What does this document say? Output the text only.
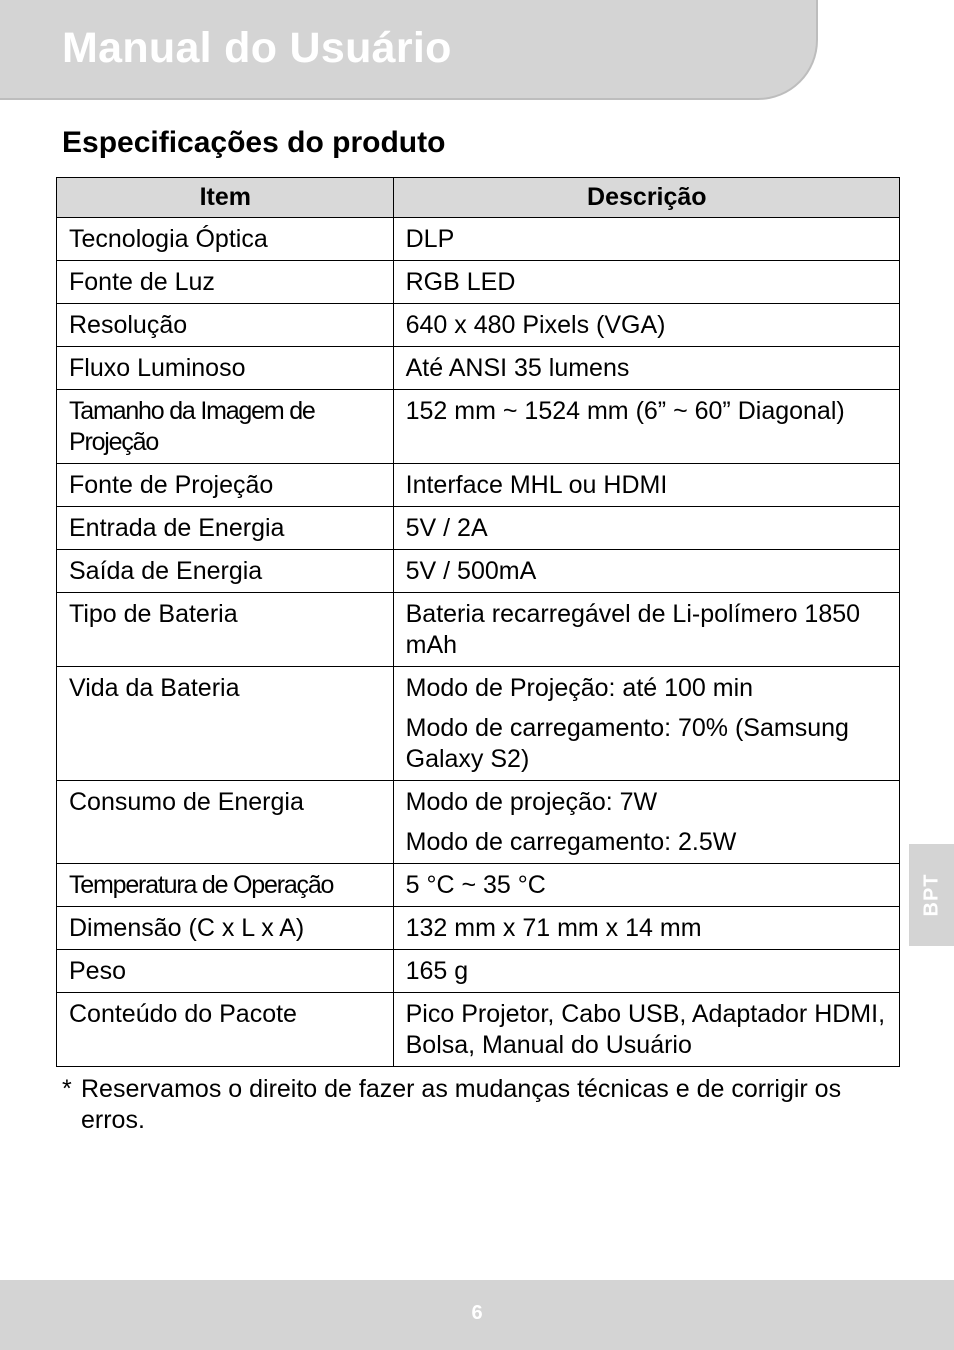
Manual do Usuário
Especificações do produto
Item	Descrição
Tecnologia Óptica	DLP

Fonte de Luz	RGB LED

Resolução	640 x 480 Pixels (VGA)

Fluxo Luminoso	Até ANSI 35 lumens

Tamanho da Imagem de Projeção	152 mm ~ 1524 mm (6” ~ 60” Diagonal)

Fonte de Projeção	Interface MHL ou HDMI

Entrada de Energia	5V / 2A

Saída de Energia	5V / 500mA

Tipo de Bateria	Bateria recarregável de Li-polímero 1850 mAh

Vida da Bateria	Modo de Projeção: até 100 min
Modo de carregamento: 70% (Samsung Galaxy S2)

Consumo de Energia	Modo de projeção: 7W
Modo de carregamento: 2.5W

Temperatura de Operação	5 °C ~ 35 °C

Dimensão (C x L x A)	132 mm x 71 mm x 14 mm

Peso	165 g

Conteúdo do Pacote	Pico Projetor, Cabo USB, Adaptador HDMI, Bolsa, Manual do Usuário
* Reservamos o direito de fazer as mudanças técnicas e de corrigir os erros.
BPT
6
